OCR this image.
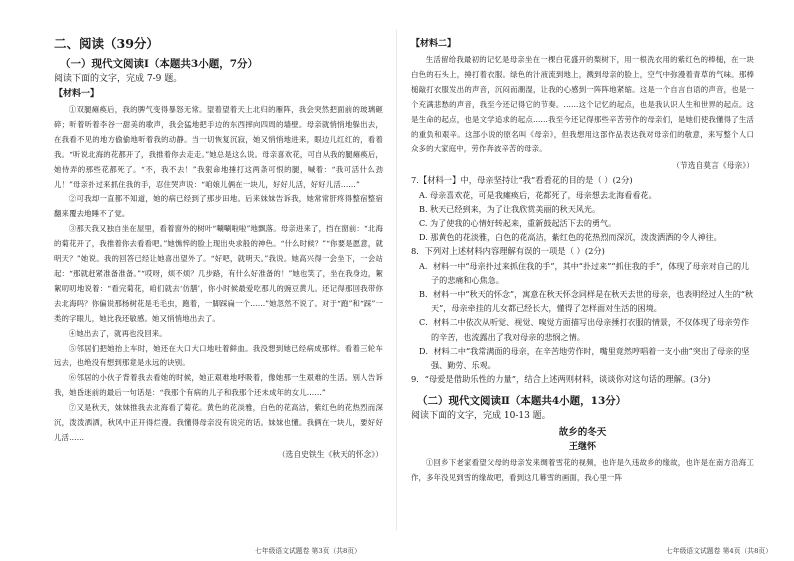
二、阅读（39分）
（一）现代文阅读Ⅰ（本题共3小题，7分）
阅读下面的文字，完成 7-9 题。
【材料一】

①双腿瘫痪后，我的脾气变得暴怒无常。望着望着天上北归的雁阵，我会突然把面前的玻璃砸碎；听着听着李谷一甜美的歌声，我会猛地把手边的东西摔向四周的墙壁。母亲就悄悄地躲出去，在我看不见的地方偷偷地听着我的动静。当一切恢复沉寂，她又悄悄地进来，眼边儿红红的，看着我。“听说北海的花都开了，我推着你去走走。”她总是这么说。母亲喜欢花，可自从我的腿瘫痪后，她侍弄的那些花都死了。“不，我不去！”我狠命地捶打这两条可恨的腿，喊着：“我可活什么劲儿！”母亲扑过来抓住我的手，忍住哭声说：“咱娘儿俩在一块儿，好好儿活，好好儿活……”

②可我却一直都不知道，她的病已经到了那步田地。后来妹妹告诉我，她常常肝疼得整宿整宿翻来覆去地睡不了觉。

③那天我又独自坐在屋里，看着窗外的树叶“唰唰啦啦”地飘落。母亲进来了，挡在窗前：“北海的菊花开了，我推着你去看看吧。”她憔悴的脸上现出央求般的神色。“什么时候？”“你要是愿意，就明天？”她说。我的回答已经让她喜出望外了。“好吧，就明天。”我说。她高兴得一会坐下，一会站起：“那就赶紧准备准备。”“哎呀，烦不烦？几步路，有什么好准备的！”她也笑了，坐在我身边，絮絮叨叨地说着：“看完菊花，咱们就去‘仿膳’，你小时候最爱吃那儿的豌豆黄儿。还记得那回我带你去北海吗？你偏说那杨树花是毛毛虫，跑着，一脚踩扁一个……”她忽然不说了。对于“跑”和“踩”一类的字眼儿，她比我还敏感。她又悄悄地出去了。

④她出去了，就再也没回来。

⑤邻居们把她抬上车时，她还在大口大口地吐着鲜血。我没想到她已经病成那样。看着三轮车远去，也绝没有想到那竟是永远的诀别。

⑥邻居的小伙子背着我去看她的时候，她正艰难地呼吸着，像她那一生艰难的生活。别人告诉我，她昏迷前的最后一句话是：“我那个有病的儿子和我那个还未成年的女儿……”

⑦又是秋天，妹妹推我去北海看了菊花。黄色的花淡雅，白色的花高洁，紫红色的花热烈而深沉，泼泼洒洒，秋风中正开得烂漫。我懂得母亲没有说完的话。妹妹也懂。我俩在一块儿，要好好儿活……

（选自史铁生《秋天的怀念》）
【材料二】

生活留给我最初的记忆是母亲坐在一棵白花盛开的梨树下，用一根洗衣用的紫红色的棒槌，在一块白色的石头上，捶打着衣服。绿色的汁液流到地上，溅到母亲的脸上，空气中弥漫着青草的气味。那棒槌敲打衣服发出的声音，沉闷而潮湿，让我的心感到一阵阵地紧缩。这是一个自言自语的声音，也是一个充满悲愁的声音，我至今还记得它的节奏。……这个记忆的起点，也是我认识人生和世界的起点。这是生命的起点，也是文学追求的起点……我至今还记得那些辛苦劳作的母亲们，是她们使我懂得了生活的重负和艰辛。这部小说的原名叫《母亲》，但我想用这部作品表达我对母亲们的敬意，来写整个人口众多的大家庭中，劳作奔波辛苦的母亲。

（节选自莫言《母亲》）
7.【材料一】中，母亲坚持让“我”看看花的目的是（ ）(2分)
A. 母亲喜欢花，可是我瘫痪后，花都死了，母亲想去北海看看花。
B. 秋天已经到来，为了让我欣赏美丽的秋天风光。
C. 为了使我的心情好转起来，重新鼓起活下去的勇气。
D. 那黄色的花淡雅，白色的花高洁，紫红色的花热烈而深沉，泼泼洒洒的令人神往。
8．下列对上述材料内容理解有误的一项是（ ）(2分)
A．材料一中“母亲扑过来抓住我的手”，其中“扑过来”“抓住我的手”，体现了母亲对自己的儿子的悲痛和心焦急。
B．材料一中“秋天的怀念”，寓意在秋天怀念同样是在秋天去世的母亲，也表明经过人生的“秋天”，母亲牵挂的儿女都已经长大，懂得了怎样面对生活的困境。
C．材料二中依次从听觉、视觉、嗅觉方面描写出母亲捶打衣服的情景，不仅体现了母亲劳作的辛苦，也流露出了我对母亲的悲悯之情。
D．材料二中“我常满面的母亲，在辛苦地劳作时，嘴里竟然哼唱着一支小曲”突出了母亲的坚强、勤劳、乐观。
9．“母爱是借助乐性的力量”，结合上述两则材料，谈谈你对这句话的理解。(3分)
（二）现代文阅读Ⅱ（本题共4小题，13分）
阅读下面的文字，完成 10-13 题。
故乡的冬天
王继怀

①回乡下老家看望父母的母亲发来绸着雪花的视频，也许是久违故乡的缘故，也许是在南方沿海工作，多年没见到雪的缘故吧，看到这几幕雪的画面，我心里一阵

七年级语文试题卷 第3页（共8页）	七年级语文试题卷 第4页（共8页）
